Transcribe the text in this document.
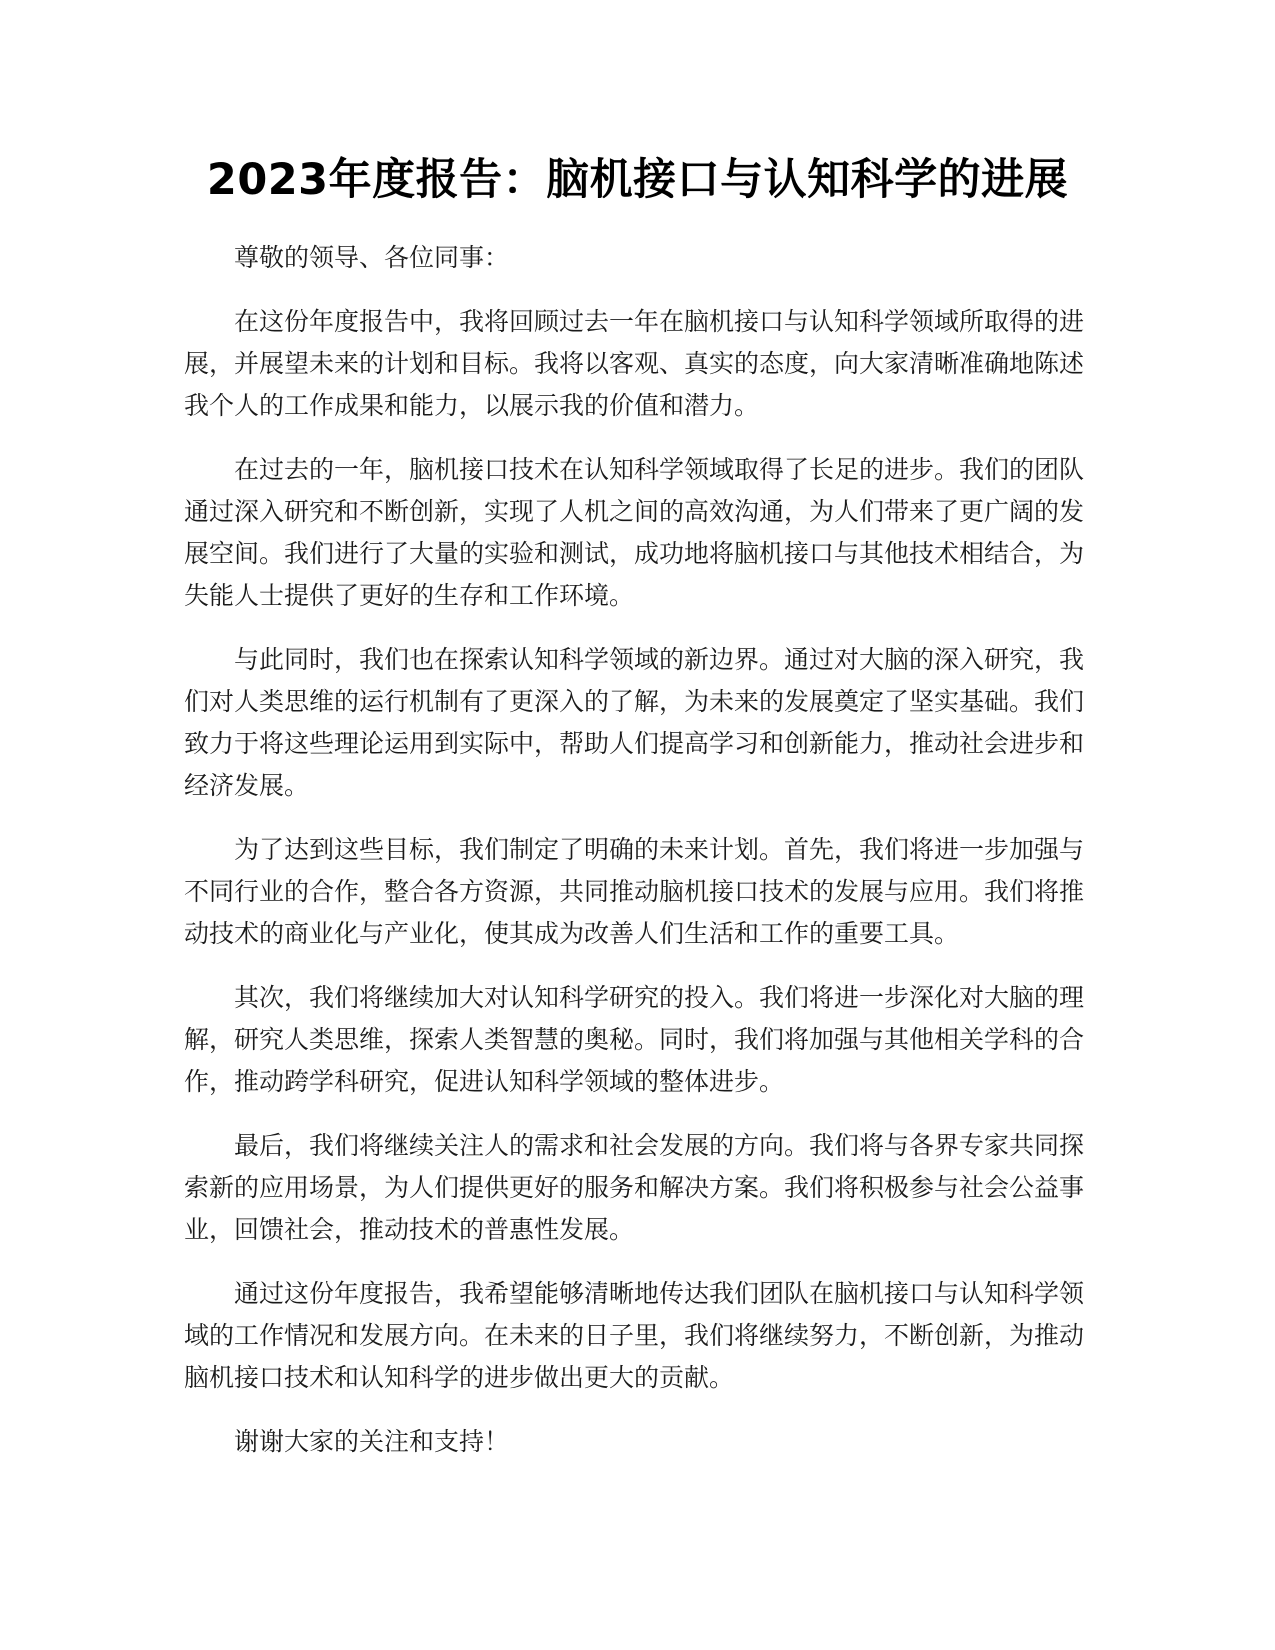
2023年度报告：脑机接口与认知科学的进展

尊敬的领导、各位同事：

在这份年度报告中，我将回顾过去一年在脑机接口与认知科学领域所取得的进展，并展望未来的计划和目标。我将以客观、真实的态度，向大家清晰准确地陈述我个人的工作成果和能力，以展示我的价值和潜力。

在过去的一年，脑机接口技术在认知科学领域取得了长足的进步。我们的团队通过深入研究和不断创新，实现了人机之间的高效沟通，为人们带来了更广阔的发展空间。我们进行了大量的实验和测试，成功地将脑机接口与其他技术相结合，为失能人士提供了更好的生存和工作环境。

与此同时，我们也在探索认知科学领域的新边界。通过对大脑的深入研究，我们对人类思维的运行机制有了更深入的了解，为未来的发展奠定了坚实基础。我们致力于将这些理论运用到实际中，帮助人们提高学习和创新能力，推动社会进步和经济发展。

为了达到这些目标，我们制定了明确的未来计划。首先，我们将进一步加强与不同行业的合作，整合各方资源，共同推动脑机接口技术的发展与应用。我们将推动技术的商业化与产业化，使其成为改善人们生活和工作的重要工具。

其次，我们将继续加大对认知科学研究的投入。我们将进一步深化对大脑的理解，研究人类思维，探索人类智慧的奥秘。同时，我们将加强与其他相关学科的合作，推动跨学科研究，促进认知科学领域的整体进步。

最后，我们将继续关注人的需求和社会发展的方向。我们将与各界专家共同探索新的应用场景，为人们提供更好的服务和解决方案。我们将积极参与社会公益事业，回馈社会，推动技术的普惠性发展。

通过这份年度报告，我希望能够清晰地传达我们团队在脑机接口与认知科学领域的工作情况和发展方向。在未来的日子里，我们将继续努力，不断创新，为推动脑机接口技术和认知科学的进步做出更大的贡献。

谢谢大家的关注和支持！
